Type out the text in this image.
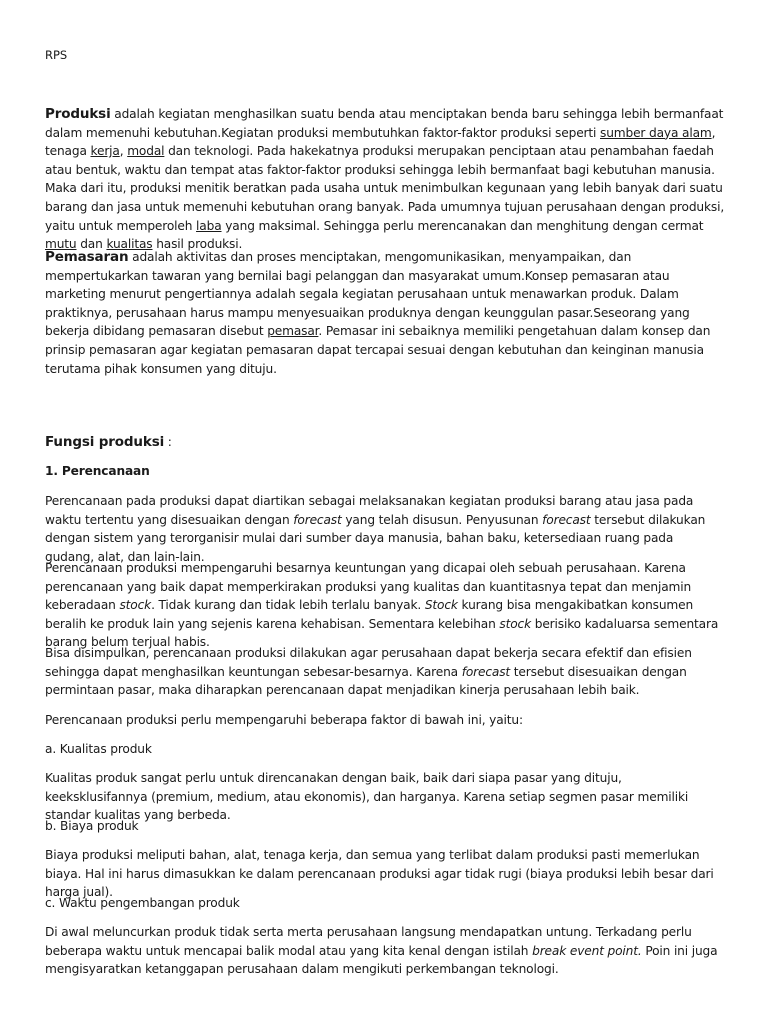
RPS

Produksi adalah kegiatan menghasilkan suatu benda atau menciptakan benda baru sehingga lebih bermanfaat dalam memenuhi kebutuhan.Kegiatan produksi membutuhkan faktor-faktor produksi seperti sumber daya alam, tenaga kerja, modal dan teknologi. Pada hakekatnya produksi merupakan penciptaan atau penambahan faedah atau bentuk, waktu dan tempat atas faktor-faktor produksi sehingga lebih bermanfaat bagi kebutuhan manusia. Maka dari itu, produksi menitik beratkan pada usaha untuk menimbulkan kegunaan yang lebih banyak dari suatu barang dan jasa untuk memenuhi kebutuhan orang banyak. Pada umumnya tujuan perusahaan dengan produksi, yaitu untuk memperoleh laba yang maksimal. Sehingga perlu merencanakan dan menghitung dengan cermat mutu dan kualitas hasil produksi.

Pemasaran adalah aktivitas dan proses menciptakan, mengomunikasikan, menyampaikan, dan mempertukarkan tawaran yang bernilai bagi pelanggan dan masyarakat umum.Konsep pemasaran atau marketing menurut pengertiannya adalah segala kegiatan perusahaan untuk menawarkan produk. Dalam praktiknya, perusahaan harus mampu menyesuaikan produknya dengan keunggulan pasar.Seseorang yang bekerja dibidang pemasaran disebut pemasar. Pemasar ini sebaiknya memiliki pengetahuan dalam konsep dan prinsip pemasaran agar kegiatan pemasaran dapat tercapai sesuai dengan kebutuhan dan keinginan manusia terutama pihak konsumen yang dituju.

Fungsi produksi :

1. Perencanaan

Perencanaan pada produksi dapat diartikan sebagai melaksanakan kegiatan produksi barang atau jasa pada waktu tertentu yang disesuaikan dengan forecast yang telah disusun. Penyusunan forecast tersebut dilakukan dengan sistem yang terorganisir mulai dari sumber daya manusia, bahan baku, ketersediaan ruang pada gudang, alat, dan lain-lain.

Perencanaan produksi mempengaruhi besarnya keuntungan yang dicapai oleh sebuah perusahaan. Karena perencanaan yang baik dapat memperkirakan produksi yang kualitas dan kuantitasnya tepat dan menjamin keberadaan stock. Tidak kurang dan tidak lebih terlalu banyak. Stock kurang bisa mengakibatkan konsumen beralih ke produk lain yang sejenis karena kehabisan. Sementara kelebihan stock berisiko kadaluarsa sementara barang belum terjual habis.

Bisa disimpulkan, perencanaan produksi dilakukan agar perusahaan dapat bekerja secara efektif dan efisien sehingga dapat menghasilkan keuntungan sebesar-besarnya. Karena forecast tersebut disesuaikan dengan permintaan pasar, maka diharapkan perencanaan dapat menjadikan kinerja perusahaan lebih baik.

Perencanaan produksi perlu mempengaruhi beberapa faktor di bawah ini, yaitu:

a. Kualitas produk

Kualitas produk sangat perlu untuk direncanakan dengan baik, baik dari siapa pasar yang dituju, keeksklusifannya (premium, medium, atau ekonomis), dan harganya. Karena setiap segmen pasar memiliki standar kualitas yang berbeda.

b. Biaya produk

Biaya produksi meliputi bahan, alat, tenaga kerja, dan semua yang terlibat dalam produksi pasti memerlukan biaya. Hal ini harus dimasukkan ke dalam perencanaan produksi agar tidak rugi (biaya produksi lebih besar dari harga jual).

c. Waktu pengembangan produk

Di awal meluncurkan produk tidak serta merta perusahaan langsung mendapatkan untung. Terkadang perlu beberapa waktu untuk mencapai balik modal atau yang kita kenal dengan istilah break event point. Poin ini juga mengisyaratkan ketanggapan perusahaan dalam mengikuti perkembangan teknologi.
